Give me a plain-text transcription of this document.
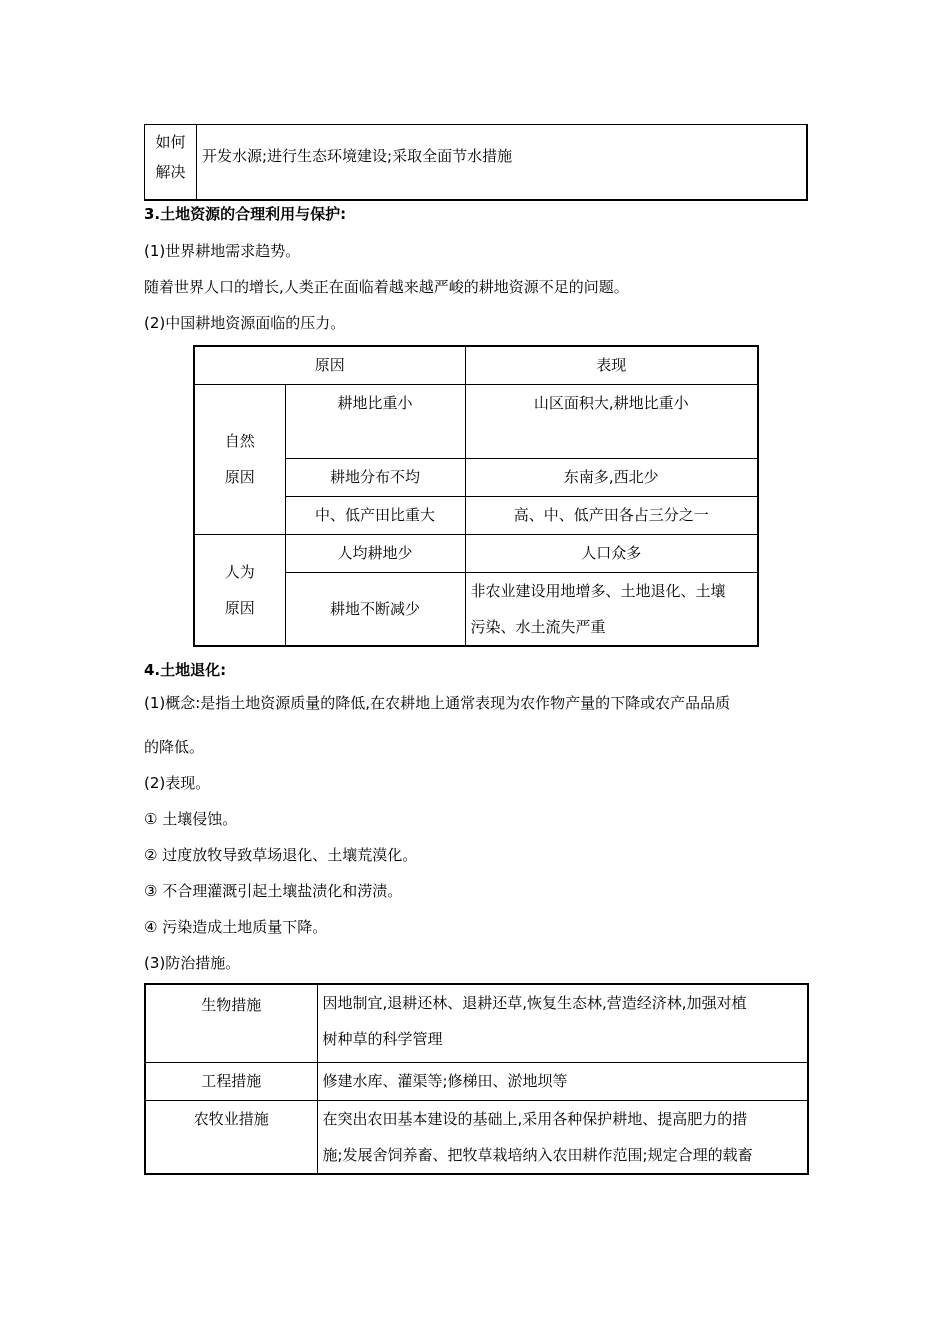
如何
解决
开发水源;进行生态环境建设;采取全面节水措施
3.土地资源的合理利用与保护:
(1)世界耕地需求趋势。
随着世界人口的增长,人类正在面临着越来越严峻的耕地资源不足的问题。
(2)中国耕地资源面临的压力。
原因		表现

自然
原因	耕地比重小	山区面积大,耕地比重小
	耕地分布不均	东南多,西北少
	中、低产田比重大	高、中、低产田各占三分之一

人为
原因	人均耕地少	人口众多
	耕地不断减少	非农业建设用地增多、土地退化、土壤
污染、水土流失严重
4.土地退化:
(1)概念:是指土地资源质量的降低,在农耕地上通常表现为农作物产量的下降或农产品品质
的降低。
(2)表现。
① 土壤侵蚀。
② 过度放牧导致草场退化、土壤荒漠化。
③ 不合理灌溉引起土壤盐渍化和涝渍。
④ 污染造成土地质量下降。
(3)防治措施。
生物措施	因地制宜,退耕还林、退耕还草,恢复生态林,营造经济林,加强对植
树种草的科学管理

工程措施	修建水库、灌渠等;修梯田、淤地坝等
农牧业措施	在突出农田基本建设的基础上,采用各种保护耕地、提高肥力的措
施;发展舍饲养畜、把牧草栽培纳入农田耕作范围;规定合理的载畜
